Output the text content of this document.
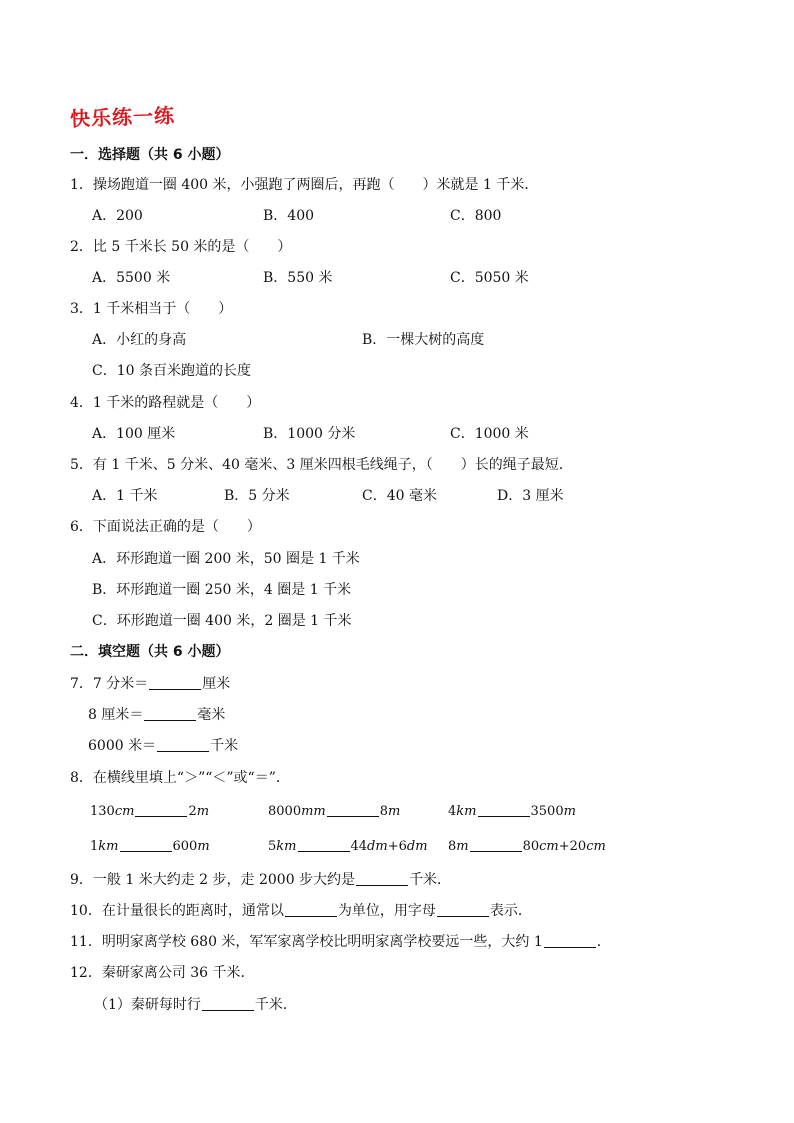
快乐练一练
一．选择题（共 6 小题）
1．操场跑道一圈 400 米，小强跑了两圈后，再跑（　　）米就是 1 千米．
A．200	B．400	C．800
2．比 5 千米长 50 米的是（　　）
A．5500 米	B．550 米	C．5050 米
3．1 千米相当于（　　）
A．小红的身高	B．一棵大树的高度
C．10 条百米跑道的长度
4．1 千米的路程就是（　　）
A．100 厘米	B．1000 分米	C．1000 米
5．有 1 千米、5 分米、40 毫米、3 厘米四根毛线绳子，（　　）长的绳子最短．
A．1 千米	B．5 分米	C．40 毫米	D．3 厘米
6．下面说法正确的是（　　）
A．环形跑道一圈 200 米，50 圈是 1 千米
B．环形跑道一圈 250 米，4 圈是 1 千米
C．环形跑道一圈 400 米，2 圈是 1 千米
二．填空题（共 6 小题）
7．7 分米＝	厘米
8 厘米＝	毫米
6000 米＝	千米
8．在横线里填上“＞”“＜”或“＝”．
130cm	2m	8000mm	8m	4km	3500m
1km	600m	5km	44dm+6dm 8m	80cm+20cm
9．一般 1 米大约走 2 步，走 2000 步大约是	千米．
10．在计量很长的距离时，通常以	为单位，用字母	表示．
11．明明家离学校 680 米，军军家离学校比明明家离学校要远一些，大约 1	．
12．秦研家离公司 36 千米．
（1）秦研每时行	千米．
